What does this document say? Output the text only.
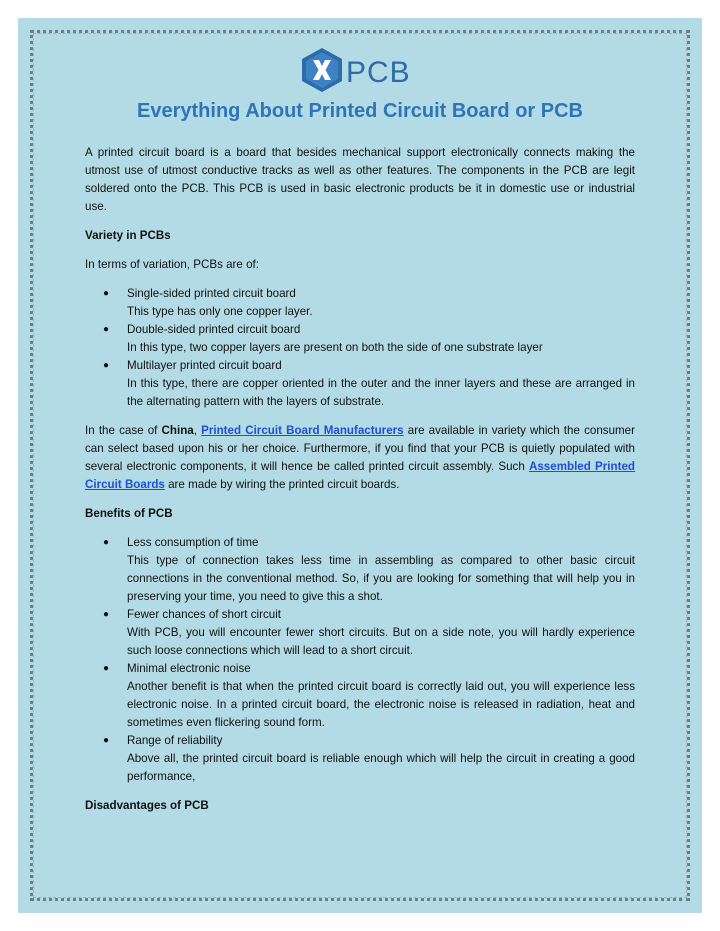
PCB
Everything About Printed Circuit Board or PCB

A printed circuit board is a board that besides mechanical support electronically connects making the utmost use of utmost conductive tracks as well as other features. The components in the PCB are legit soldered onto the PCB. This PCB is used in basic electronic products be it in domestic use or industrial use.

Variety in PCBs

In terms of variation, PCBs are of:

● Single-sided printed circuit board
This type has only one copper layer.
● Double-sided printed circuit board
In this type, two copper layers are present on both the side of one substrate layer
● Multilayer printed circuit board
In this type, there are copper oriented in the outer and the inner layers and these are arranged in the alternating pattern with the layers of substrate.

In the case of China, Printed Circuit Board Manufacturers are available in variety which the consumer can select based upon his or her choice. Furthermore, if you find that your PCB is quietly populated with several electronic components, it will hence be called printed circuit assembly. Such Assembled Printed Circuit Boards are made by wiring the printed circuit boards.

Benefits of PCB

● Less consumption of time
This type of connection takes less time in assembling as compared to other basic circuit connections in the conventional method. So, if you are looking for something that will help you in preserving your time, you need to give this a shot.
● Fewer chances of short circuit
With PCB, you will encounter fewer short circuits. But on a side note, you will hardly experience such loose connections which will lead to a short circuit.
● Minimal electronic noise
Another benefit is that when the printed circuit board is correctly laid out, you will experience less electronic noise. In a printed circuit board, the electronic noise is released in radiation, heat and sometimes even flickering sound form.
● Range of reliability
Above all, the printed circuit board is reliable enough which will help the circuit in creating a good performance,

Disadvantages of PCB
